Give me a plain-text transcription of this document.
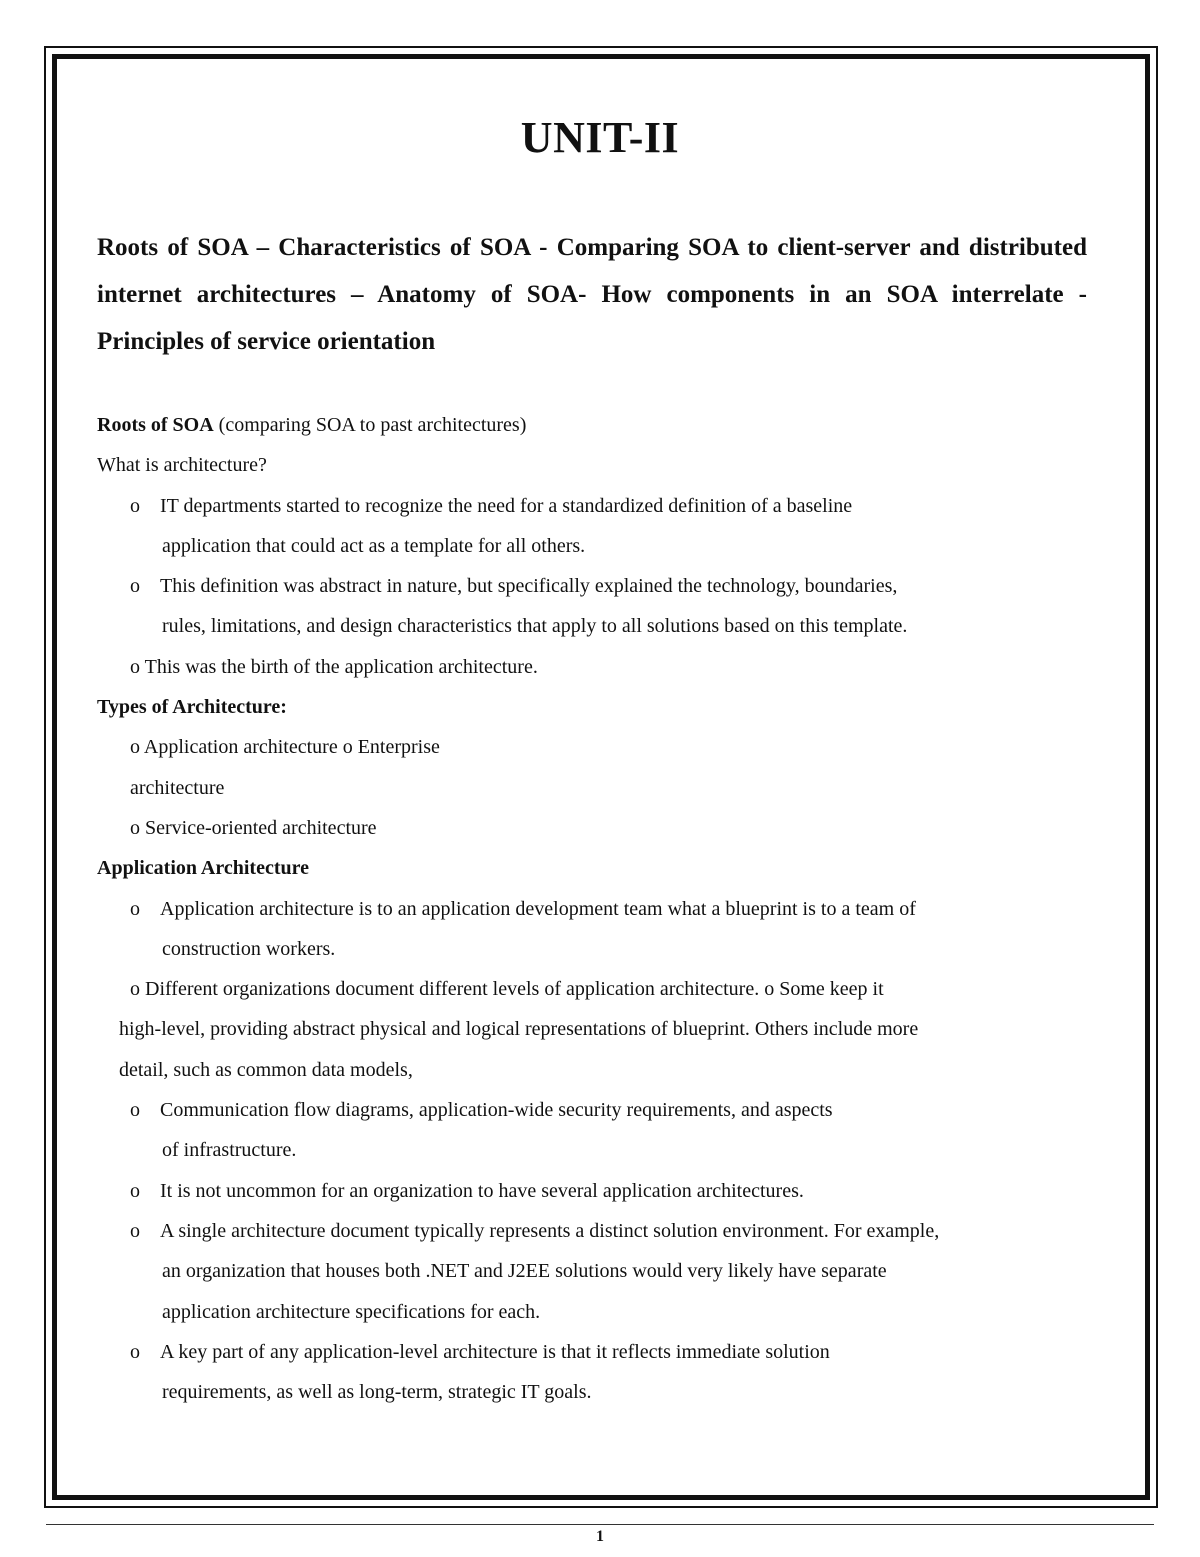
UNIT-II
Roots of SOA – Characteristics of SOA - Comparing SOA to client-server and distributed internet architectures – Anatomy of SOA- How components in an SOA interrelate -Principles of service orientation
Roots of SOA (comparing SOA to past architectures)
What is architecture?
o IT departments started to recognize the need for a standardized definition of a baseline
application that could act as a template for all others.
o This definition was abstract in nature, but specifically explained the technology, boundaries,
rules, limitations, and design characteristics that apply to all solutions based on this template.
o This was the birth of the application architecture.
Types of Architecture:
o Application architecture o Enterprise
architecture
o Service-oriented architecture
Application Architecture
o Application architecture is to an application development team what a blueprint is to a team of
construction workers.
o Different organizations document different levels of application architecture. o Some keep it
high-level, providing abstract physical and logical representations of blueprint. Others include more
detail, such as common data models,
o Communication flow diagrams, application-wide security requirements, and aspects
of infrastructure.
o It is not uncommon for an organization to have several application architectures.
o A single architecture document typically represents a distinct solution environment. For example,
an organization that houses both .NET and J2EE solutions would very likely have separate
application architecture specifications for each.
o A key part of any application-level architecture is that it reflects immediate solution
requirements, as well as long-term, strategic IT goals.
1
